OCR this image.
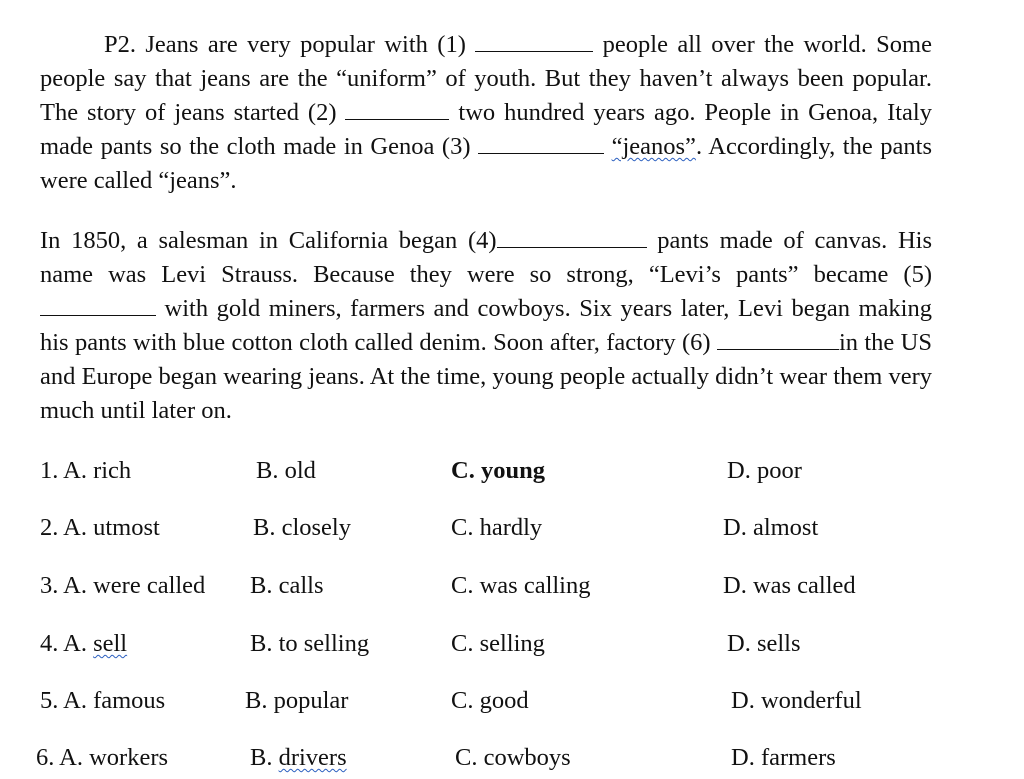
P2. Jeans are very popular with (1)	people all over the world. Some people say that jeans are the “uniform” of youth. But they haven’t always been popular. The story of jeans started (2)	two hundred years ago. People in Genoa, Italy made pants so the cloth made in Genoa (3)	“jeanos”. Accordingly, the pants were called “jeans”.
In 1850, a salesman in California began (4)	pants made of canvas. His name was Levi Strauss. Because they were so strong, “Levi’s pants” became (5) with gold miners, farmers and cowboys. Six years later, Levi began making his pants with blue cotton cloth called denim. Soon after, factory (6)	in the US and Europe began wearing jeans. At the time, young people actually didn’t wear them very much until later on.
1. A. rich	B. old	C. young	D. poor
2. A. utmost	B. closely	C. hardly	D. almost
3. A. were called B. calls	C. was calling	D. was called
4. A. sell	B. to selling	C. selling	D. sells
5. A. famous	B. popular	C. good	D. wonderful
6. A. workers	B. drivers	C. cowboys	D. farmers
